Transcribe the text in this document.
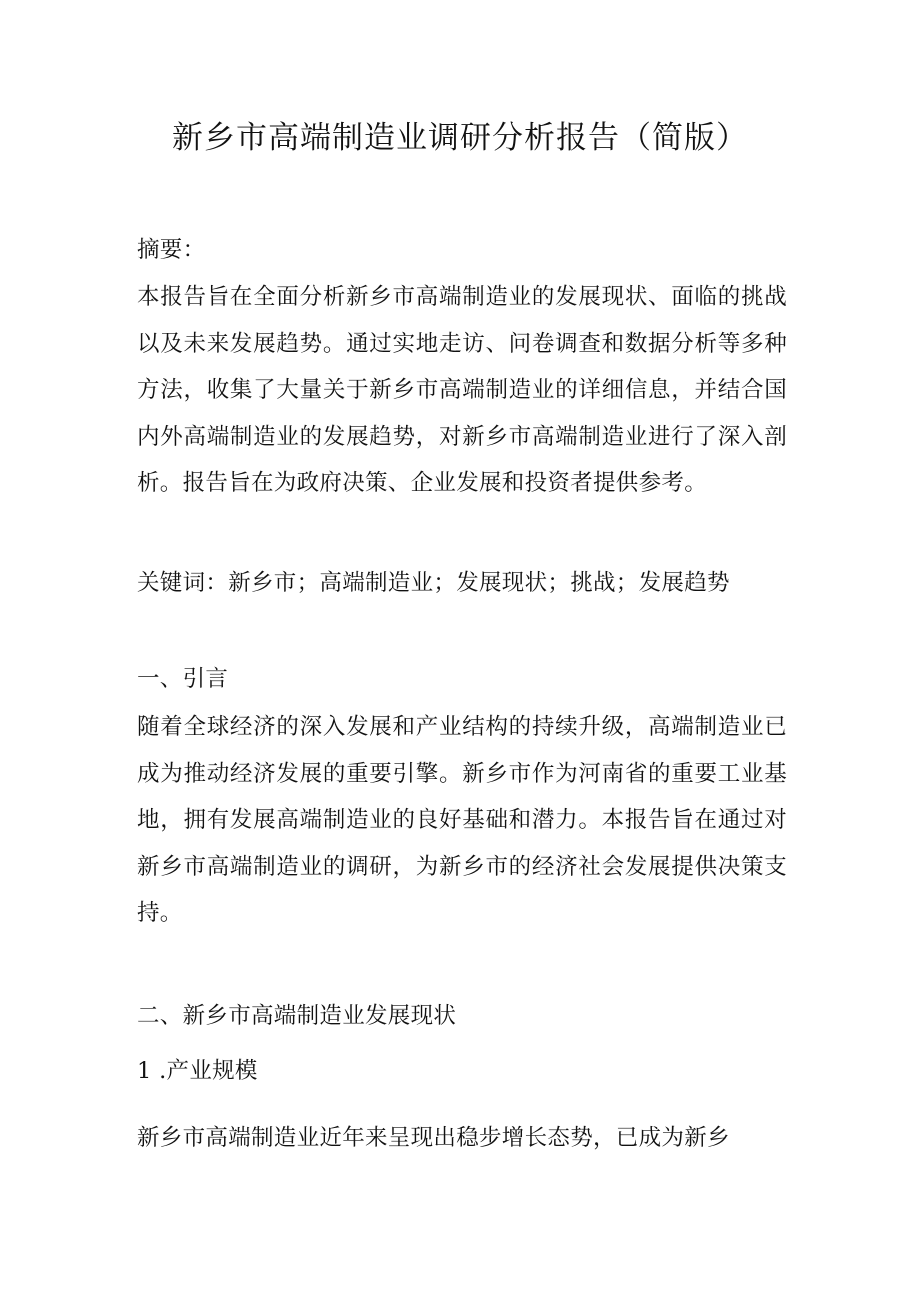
新乡市高端制造业调研分析报告（简版）

摘要：

本报告旨在全面分析新乡市高端制造业的发展现状、面临的挑战以及未来发展趋势。通过实地走访、问卷调查和数据分析等多种方法，收集了大量关于新乡市高端制造业的详细信息，并结合国内外高端制造业的发展趋势，对新乡市高端制造业进行了深入剖析。报告旨在为政府决策、企业发展和投资者提供参考。

关键词：新乡市；高端制造业；发展现状；挑战；发展趋势

一、引言

随着全球经济的深入发展和产业结构的持续升级，高端制造业已成为推动经济发展的重要引擎。新乡市作为河南省的重要工业基地，拥有发展高端制造业的良好基础和潜力。本报告旨在通过对新乡市高端制造业的调研，为新乡市的经济社会发展提供决策支持。

二、新乡市高端制造业发展现状

1 .产业规模

新乡市高端制造业近年来呈现出稳步增长态势，已成为新乡
